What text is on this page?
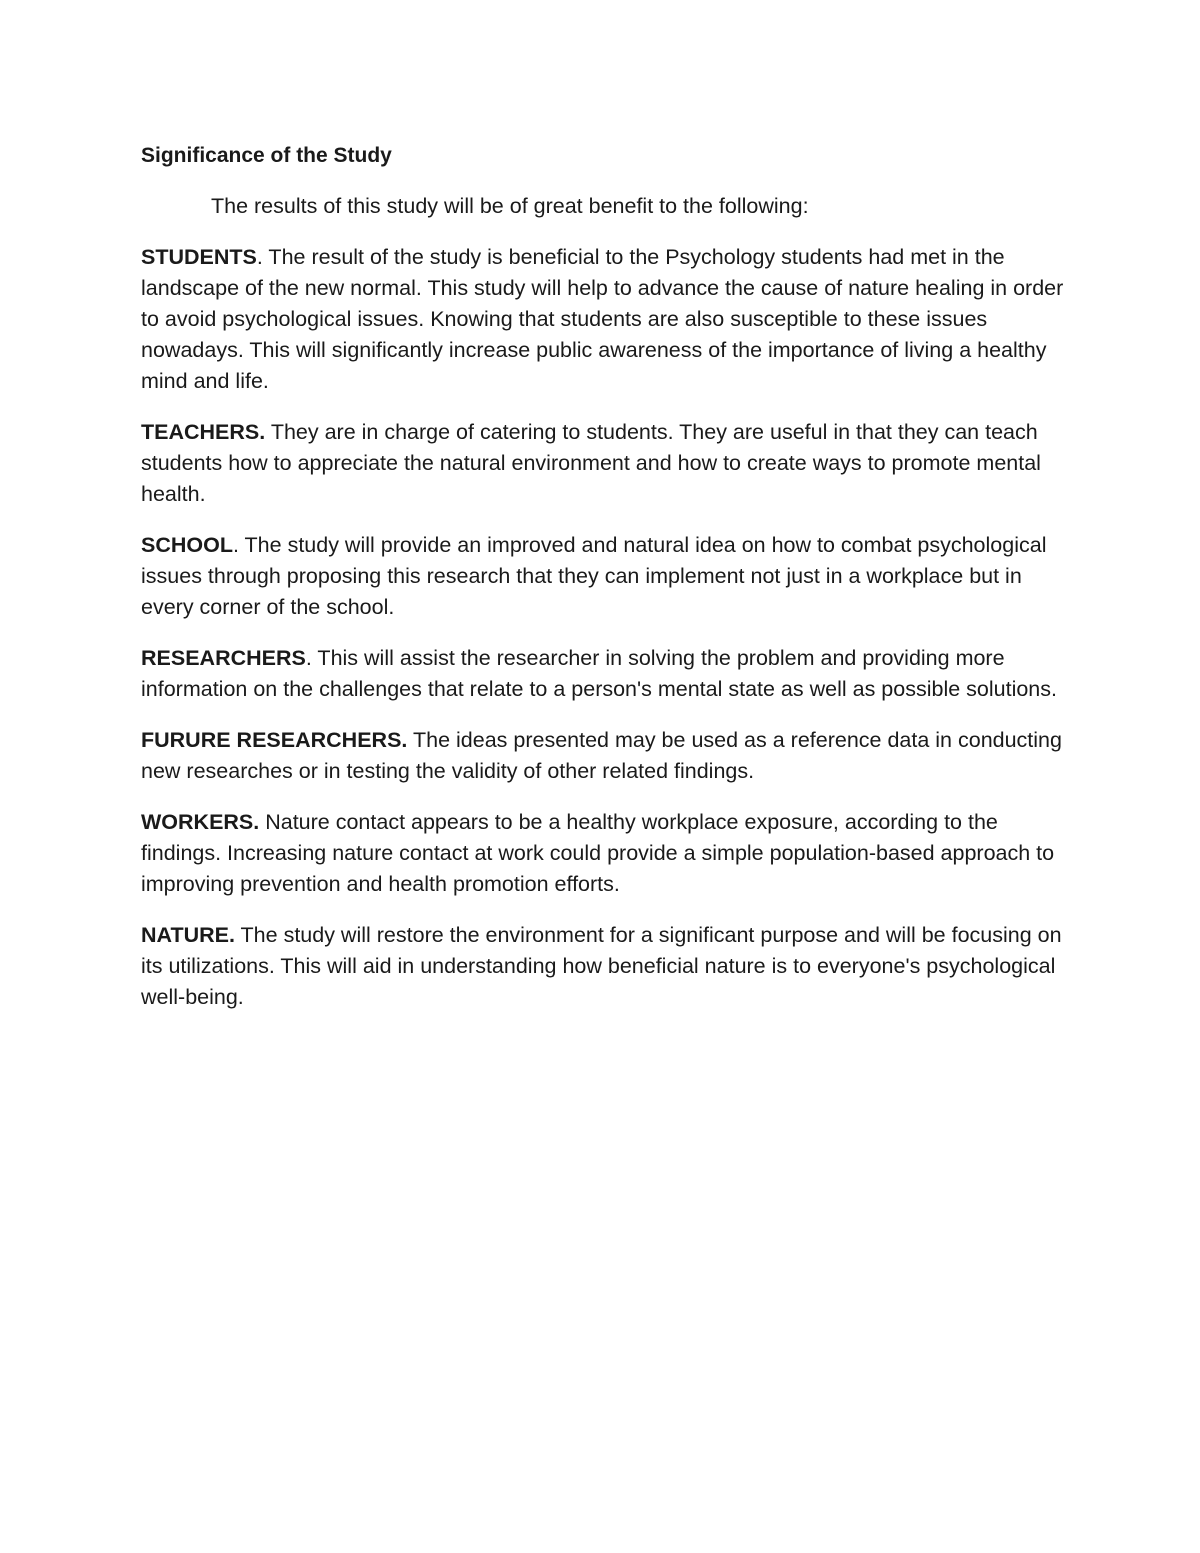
Significance of the Study

The results of this study will be of great benefit to the following:

STUDENTS. The result of the study is beneficial to the Psychology students had met in the landscape of the new normal. This study will help to advance the cause of nature healing in order to avoid psychological issues. Knowing that students are also susceptible to these issues nowadays. This will significantly increase public awareness of the importance of living a healthy mind and life.

TEACHERS. They are in charge of catering to students. They are useful in that they can teach students how to appreciate the natural environment and how to create ways to promote mental health.

SCHOOL. The study will provide an improved and natural idea on how to combat psychological issues through proposing this research that they can implement not just in a workplace but in every corner of the school.

RESEARCHERS. This will assist the researcher in solving the problem and providing more information on the challenges that relate to a person's mental state as well as possible solutions.

FURURE RESEARCHERS. The ideas presented may be used as a reference data in conducting new researches or in testing the validity of other related findings.

WORKERS. Nature contact appears to be a healthy workplace exposure, according to the findings. Increasing nature contact at work could provide a simple population-based approach to improving prevention and health promotion efforts.

NATURE. The study will restore the environment for a significant purpose and will be focusing on its utilizations. This will aid in understanding how beneficial nature is to everyone's psychological well-being.
